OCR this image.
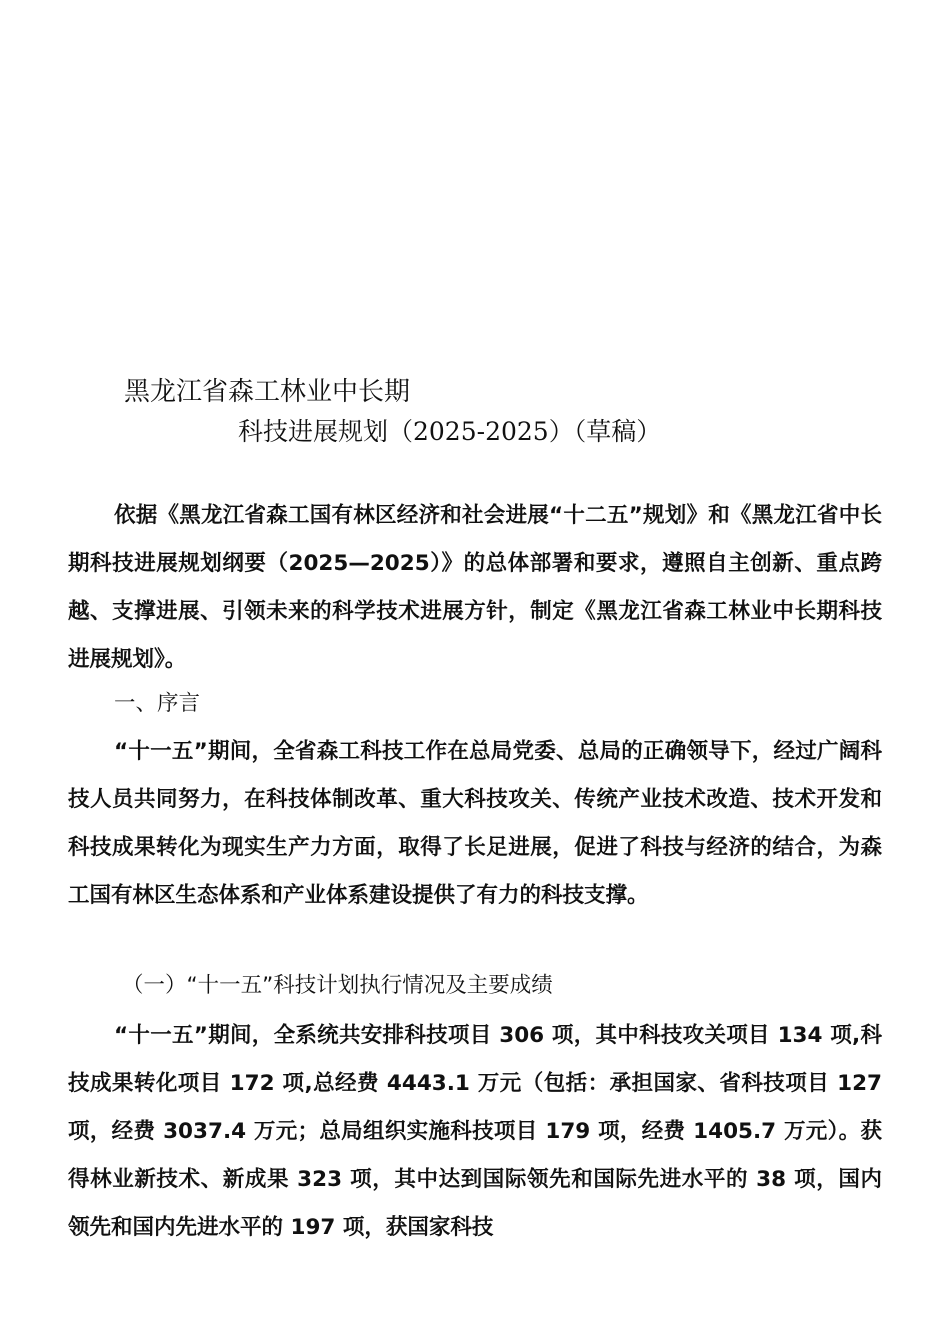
黑龙江省森工林业中长期
科技进展规划（2025-2025）（草稿）

依据《黑龙江省森工国有林区经济和社会进展“十二五”规划》和《黑龙江省中长期科技进展规划纲要（2025—2025）》的总体部署和要求，遵照自主创新、重点跨越、支撑进展、引领未来的科学技术进展方针，制定《黑龙江省森工林业中长期科技进展规划》。

一、序言

“十一五”期间，全省森工科技工作在总局党委、总局的正确领导下，经过广阔科技人员共同努力，在科技体制改革、重大科技攻关、传统产业技术改造、技术开发和科技成果转化为现实生产力方面，取得了长足进展，促进了科技与经济的结合，为森工国有林区生态体系和产业体系建设提供了有力的科技支撑。

（一）“十一五”科技计划执行情况及主要成绩

“十一五”期间，全系统共安排科技项目 306 项，其中科技攻关项目 134 项,科技成果转化项目 172 项,总经费 4443.1 万元（包括：承担国家、省科技项目 127 项，经费 3037.4 万元；总局组织实施科技项目 179 项，经费 1405.7 万元）。获得林业新技术、新成果 323 项，其中达到国际领先和国际先进水平的 38 项，国内领先和国内先进水平的 197 项，获国家科技
